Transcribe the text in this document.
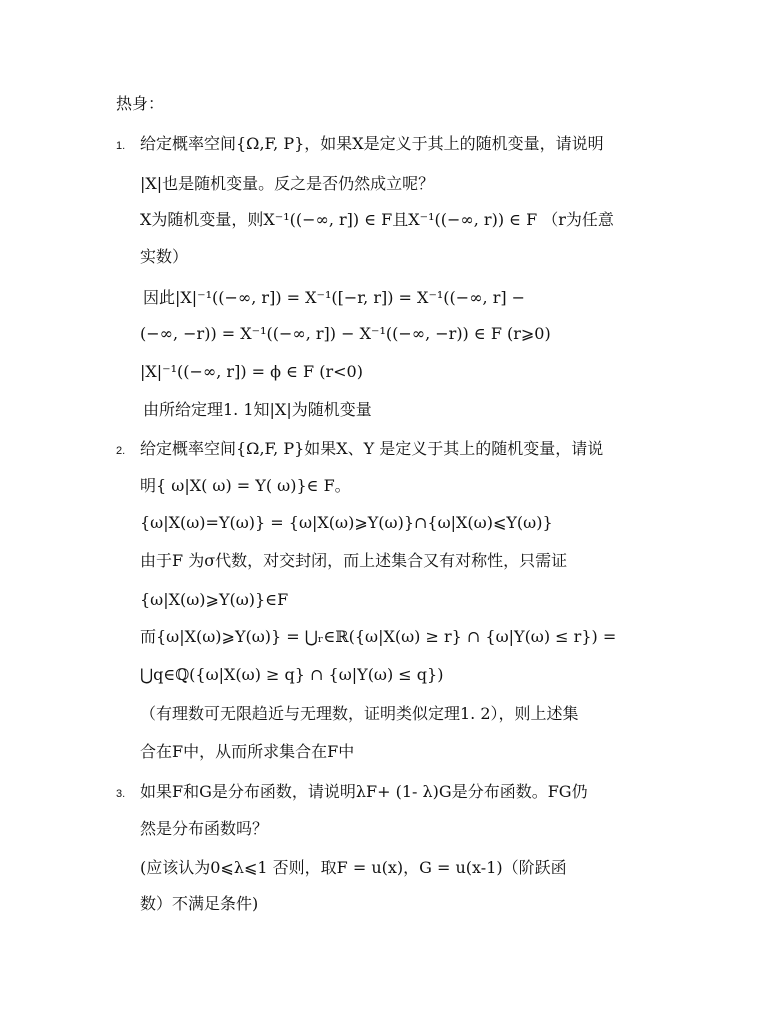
热身：
1. 给定概率空间{Ω,F, P}，如果X是定义于其上的随机变量，请说明
|X|也是随机变量。反之是否仍然成立呢？
X为随机变量，则X⁻¹((−∞, r]) ∈ F且X⁻¹((−∞, r)) ∈ F （r为任意
实数）
因此|X|⁻¹((−∞, r]) = X⁻¹([−r, r]) = X⁻¹((−∞, r] −
(−∞, −r)) = X⁻¹((−∞, r]) − X⁻¹((−∞, −r)) ∈ F (r⩾0)
|X|⁻¹((−∞, r]) = ϕ ∈ F (r<0)
由所给定理1. 1知|X|为随机变量
2. 给定概率空间{Ω,F, P}如果X、Y 是定义于其上的随机变量，请说
明{ ω|X( ω) = Y( ω)}∈ F。
{ω|X(ω)=Y(ω)} = {ω|X(ω)⩾Y(ω)}∩{ω|X(ω)⩽Y(ω)}
由于F 为σ代数，对交封闭，而上述集合又有对称性，只需证
{ω|X(ω)⩾Y(ω)}∈F
而{ω|X(ω)⩾Y(ω)} = ⋃ᵣ∈ℝ({ω|X(ω) ≥ r} ∩ {ω|Y(ω) ≤ r}) =
⋃q∈ℚ({ω|X(ω) ≥ q} ∩ {ω|Y(ω) ≤ q})
（有理数可无限趋近与无理数，证明类似定理1. 2），则上述集
合在F中，从而所求集合在F中
3. 如果F和G是分布函数，请说明λF+ (1- λ)G是分布函数。FG仍
然是分布函数吗？
(应该认为0⩽λ⩽1 否则，取F = u(x)，G = u(x-1)（阶跃函
数）不满足条件)
